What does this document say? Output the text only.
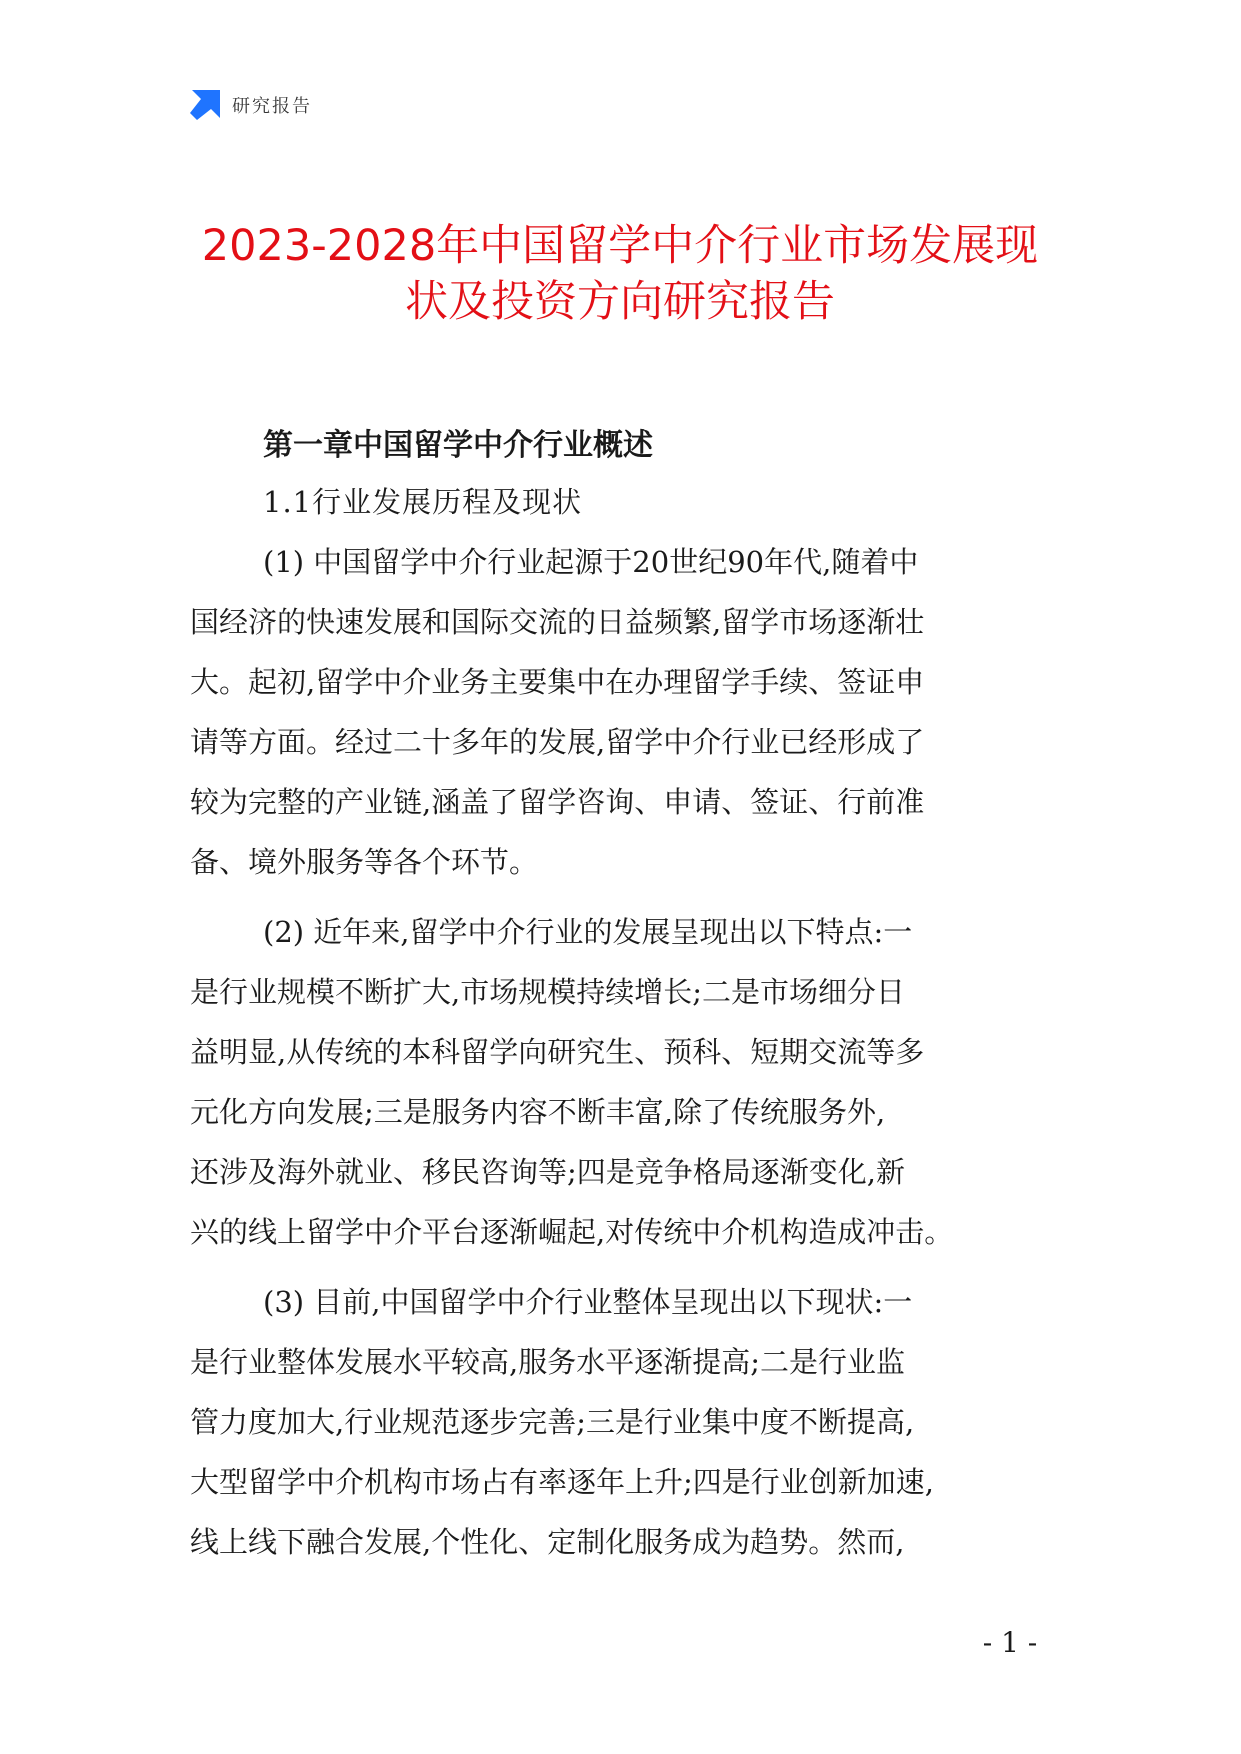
研究报告
2023-2028年中国留学中介行业市场发展现
状及投资方向研究报告
第一章中国留学中介行业概述
1.1行业发展历程及现状
(1) 中国留学中介行业起源于20世纪90年代,随着中
国经济的快速发展和国际交流的日益频繁,留学市场逐渐壮
大。起初,留学中介业务主要集中在办理留学手续、签证申
请等方面。经过二十多年的发展,留学中介行业已经形成了
较为完整的产业链,涵盖了留学咨询、申请、签证、行前准
备、境外服务等各个环节。
(2) 近年来,留学中介行业的发展呈现出以下特点:一
是行业规模不断扩大,市场规模持续增长;二是市场细分日
益明显,从传统的本科留学向研究生、预科、短期交流等多
元化方向发展;三是服务内容不断丰富,除了传统服务外,
还涉及海外就业、移民咨询等;四是竞争格局逐渐变化,新
兴的线上留学中介平台逐渐崛起,对传统中介机构造成冲击。
(3) 目前,中国留学中介行业整体呈现出以下现状:一
是行业整体发展水平较高,服务水平逐渐提高;二是行业监
管力度加大,行业规范逐步完善;三是行业集中度不断提高,
大型留学中介机构市场占有率逐年上升;四是行业创新加速,
线上线下融合发展,个性化、定制化服务成为趋势。然而,
- 1 -
